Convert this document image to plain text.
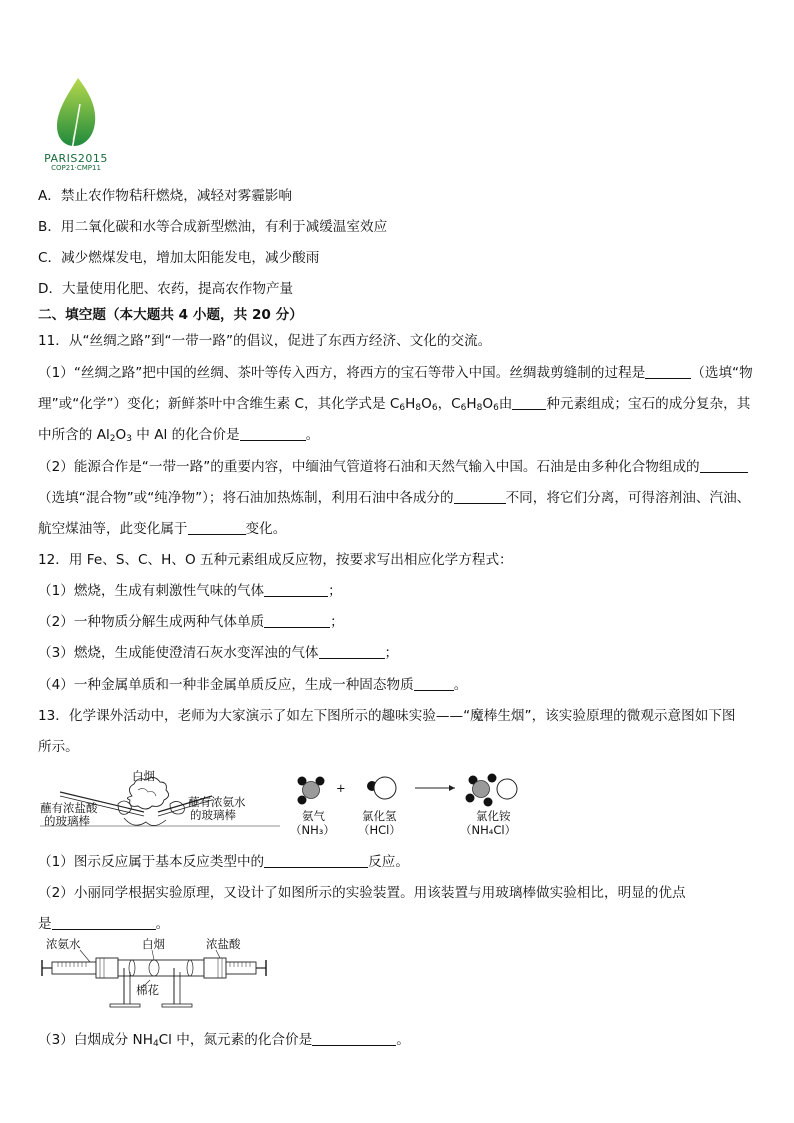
PARIS2015
COP21·CMP11
A．禁止农作物秸秆燃烧，减轻对雾霾影响
B．用二氧化碳和水等合成新型燃油，有利于减缓温室效应
C．减少燃煤发电，增加太阳能发电，减少酸雨
D．大量使用化肥、农药，提高农作物产量
二、填空题（本大题共 4 小题，共 20 分）
11．从“丝绸之路”到“一带一路”的倡议，促进了东西方经济、文化的交流。
（1）“丝绸之路”把中国的丝绸、茶叶等传入西方，将西方的宝石等带入中国。丝绸裁剪缝制的过程是	（选填“物
理”或“化学”）变化；新鲜茶叶中含维生素 C，其化学式是 $C_6H_8O_6$，$C_6H_8O_6$由	种元素组成；宝石的成分复杂，其
中所含的 $Al_2O_3$ 中 Al 的化合价是	。
（2）能源合作是“一带一路”的重要内容，中缅油气管道将石油和天然气输入中国。石油是由多种化合物组成的
（选填“混合物”或“纯净物”）；将石油加热炼制，利用石油中各成分的	不同，将它们分离，可得溶剂油、汽油、
航空煤油等，此变化属于	变化。
12．用 Fe、S、C、H、O 五种元素组成反应物，按要求写出相应化学方程式：
（1）燃烧，生成有刺激性气味的气体	；
（2）一种物质分解生成两种气体单质	；
（3）燃烧，生成能使澄清石灰水变浑浊的气体	；
（4）一种金属单质和一种非金属单质反应，生成一种固态物质	。
13．化学课外活动中，老师为大家演示了如左下图所示的趣味实验——“魔棒生烟”，该实验原理的微观示意图如下图
所示。
白烟
蘸有浓盐酸
的玻璃棒
蘸有浓氨水
的玻璃棒
+
氨气
（NH₃）
氯化氢
（HCl）
氯化铵
（NH₄Cl）
（1）图示反应属于基本反应类型中的	反应。
（2）小丽同学根据实验原理，又设计了如图所示的实验装置。用该装置与用玻璃棒做实验相比，明显的优点
是	。
浓氨水	白烟	浓盐酸
棉花
（3）白烟成分 $NH_4Cl$ 中，氮元素的化合价是	。
